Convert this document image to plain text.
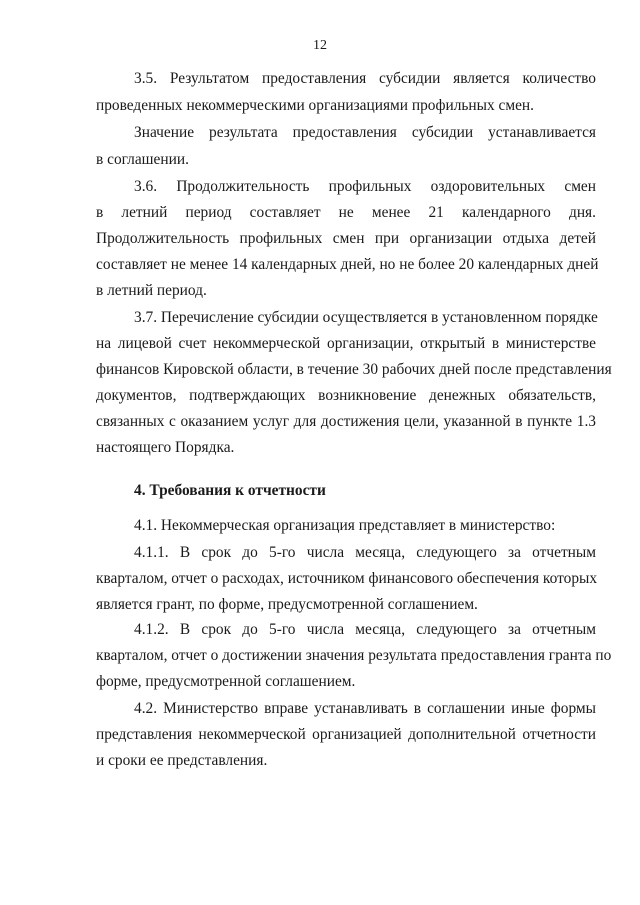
12
3.5. Результатом предоставления субсидии является количество
проведенных некоммерческими организациями профильных смен.
Значение результата предоставления субсидии устанавливается
в соглашении.
3.6. Продолжительность профильных оздоровительных смен
в летний период составляет не менее 21 календарного дня.
Продолжительность профильных смен при организации отдыха детей
составляет не менее 14 календарных дней, но не более 20 календарных дней
в летний период.
3.7. Перечисление субсидии осуществляется в установленном порядке
на лицевой счет некоммерческой организации, открытый в министерстве
финансов Кировской области, в течение 30 рабочих дней после представления
документов, подтверждающих возникновение денежных обязательств,
связанных с оказанием услуг для достижения цели, указанной в пункте 1.3
настоящего Порядка.
4. Требования к отчетности
4.1. Некоммерческая организация представляет в министерство:
4.1.1. В срок до 5-го числа месяца, следующего за отчетным
кварталом, отчет о расходах, источником финансового обеспечения которых
является грант, по форме, предусмотренной соглашением.
4.1.2. В срок до 5-го числа месяца, следующего за отчетным
кварталом, отчет о достижении значения результата предоставления гранта по
форме, предусмотренной соглашением.
4.2. Министерство вправе устанавливать в соглашении иные формы
представления некоммерческой организацией дополнительной отчетности
и сроки ее представления.
